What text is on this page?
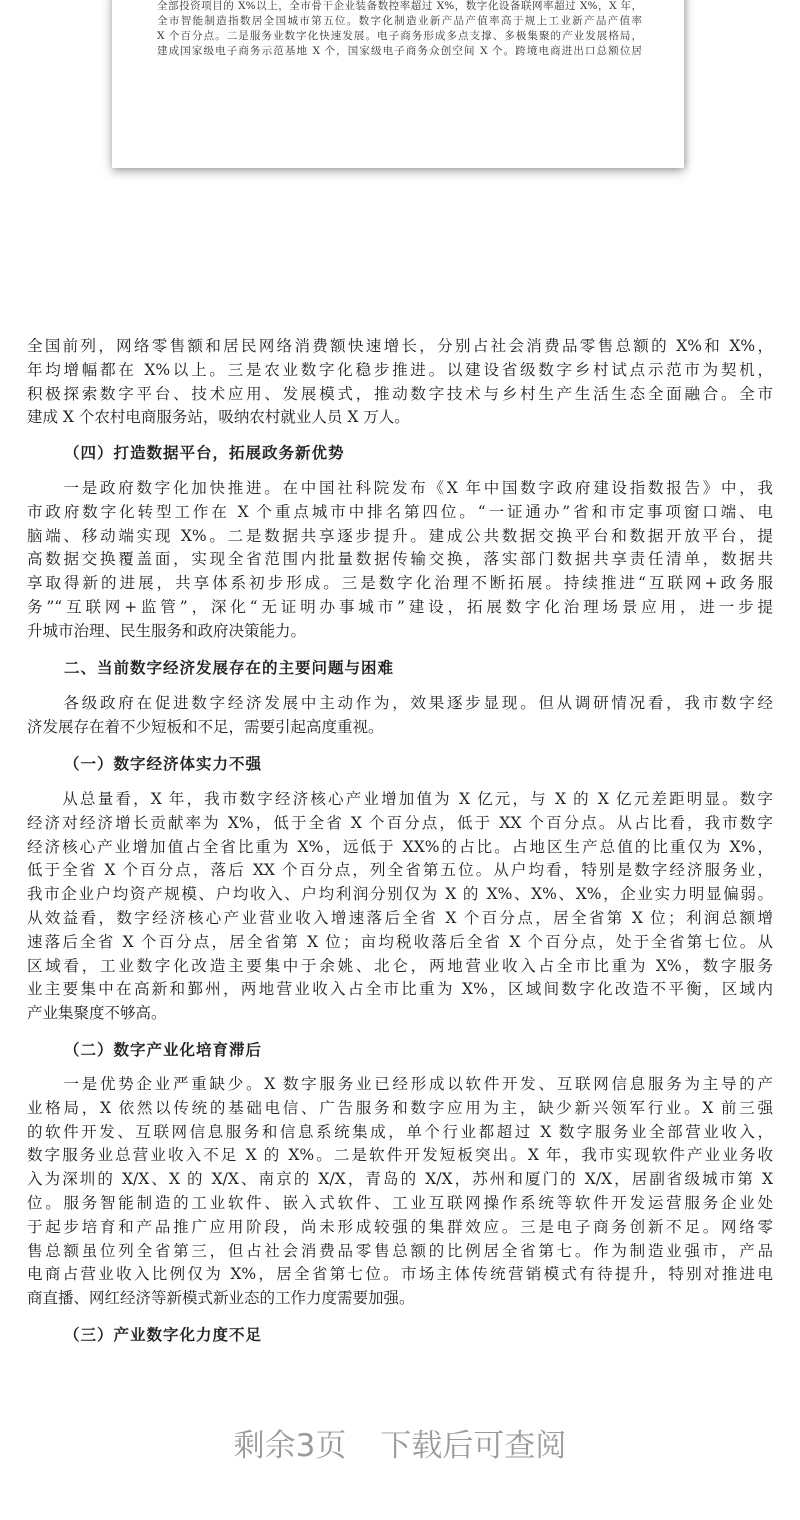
全部投资项目的 X%以上，全市骨干企业装备数控率超过 X%，数字化设备联网率超过 X%，X 年，
全市智能制造指数居全国城市第五位。数字化制造业新产品产值率高于规上工业新产品产值率
X 个百分点。二是服务业数字化快速发展。电子商务形成多点支撑、多极集聚的产业发展格局，
建成国家级电子商务示范基地 X 个，国家级电子商务众创空间 X 个。跨境电商进出口总额位居
全国前列，网络零售额和居民网络消费额快速增长，分别占社会消费品零售总额的 X%和 X%，
年均增幅都在 X%以上。三是农业数字化稳步推进。以建设省级数字乡村试点示范市为契机，
积极探索数字平台、技术应用、发展模式，推动数字技术与乡村生产生活生态全面融合。全市
建成 X 个农村电商服务站，吸纳农村就业人员 X 万人。
（四）打造数据平台，拓展政务新优势
　　一是政府数字化加快推进。在中国社科院发布《X 年中国数字政府建设指数报告》中，我
市政府数字化转型工作在 X 个重点城市中排名第四位。“一证通办”省和市定事项窗口端、电
脑端、移动端实现 X%。二是数据共享逐步提升。建成公共数据交换平台和数据开放平台，提
高数据交换覆盖面，实现全省范围内批量数据传输交换，落实部门数据共享责任清单，数据共
享取得新的进展，共享体系初步形成。三是数字化治理不断拓展。持续推进“互联网+政务服
务”“互联网+监管”，深化“无证明办事城市”建设，拓展数字化治理场景应用，进一步提
升城市治理、民生服务和政府决策能力。
二、当前数字经济发展存在的主要问题与困难
　　各级政府在促进数字经济发展中主动作为，效果逐步显现。但从调研情况看，我市数字经
济发展存在着不少短板和不足，需要引起高度重视。
（一）数字经济体实力不强
　　从总量看，X 年，我市数字经济核心产业增加值为 X 亿元，与 X 的 X 亿元差距明显。数字
经济对经济增长贡献率为 X%，低于全省 X 个百分点，低于 XX 个百分点。从占比看，我市数字
经济核心产业增加值占全省比重为 X%，远低于 XX%的占比。占地区生产总值的比重仅为 X%，
低于全省 X 个百分点，落后 XX 个百分点，列全省第五位。从户均看，特别是数字经济服务业，
我市企业户均资产规模、户均收入、户均利润分别仅为 X 的 X%、X%、X%，企业实力明显偏弱。
从效益看，数字经济核心产业营业收入增速落后全省 X 个百分点，居全省第 X 位；利润总额增
速落后全省 X 个百分点，居全省第 X 位；亩均税收落后全省 X 个百分点，处于全省第七位。从
区域看，工业数字化改造主要集中于余姚、北仑，两地营业收入占全市比重为 X%，数字服务
业主要集中在高新和鄞州，两地营业收入占全市比重为 X%，区域间数字化改造不平衡，区域内
产业集聚度不够高。
（二）数字产业化培育滞后
　　一是优势企业严重缺少。X 数字服务业已经形成以软件开发、互联网信息服务为主导的产
业格局，X 依然以传统的基础电信、广告服务和数字应用为主，缺少新兴领军行业。X 前三强
的软件开发、互联网信息服务和信息系统集成，单个行业都超过 X 数字服务业全部营业收入，
数字服务业总营业收入不足 X 的 X%。二是软件开发短板突出。X 年，我市实现软件产业业务收
入为深圳的 X/X、X 的 X/X、南京的 X/X，青岛的 X/X，苏州和厦门的 X/X，居副省级城市第 X
位。服务智能制造的工业软件、嵌入式软件、工业互联网操作系统等软件开发运营服务企业处
于起步培育和产品推广应用阶段，尚未形成较强的集群效应。三是电子商务创新不足。网络零
售总额虽位列全省第三，但占社会消费品零售总额的比例居全省第七。作为制造业强市，产品
电商占营业收入比例仅为 X%，居全省第七位。市场主体传统营销模式有待提升，特别对推进电
商直播、网红经济等新模式新业态的工作力度需要加强。
（三）产业数字化力度不足
剩余3页 下载后可查阅
